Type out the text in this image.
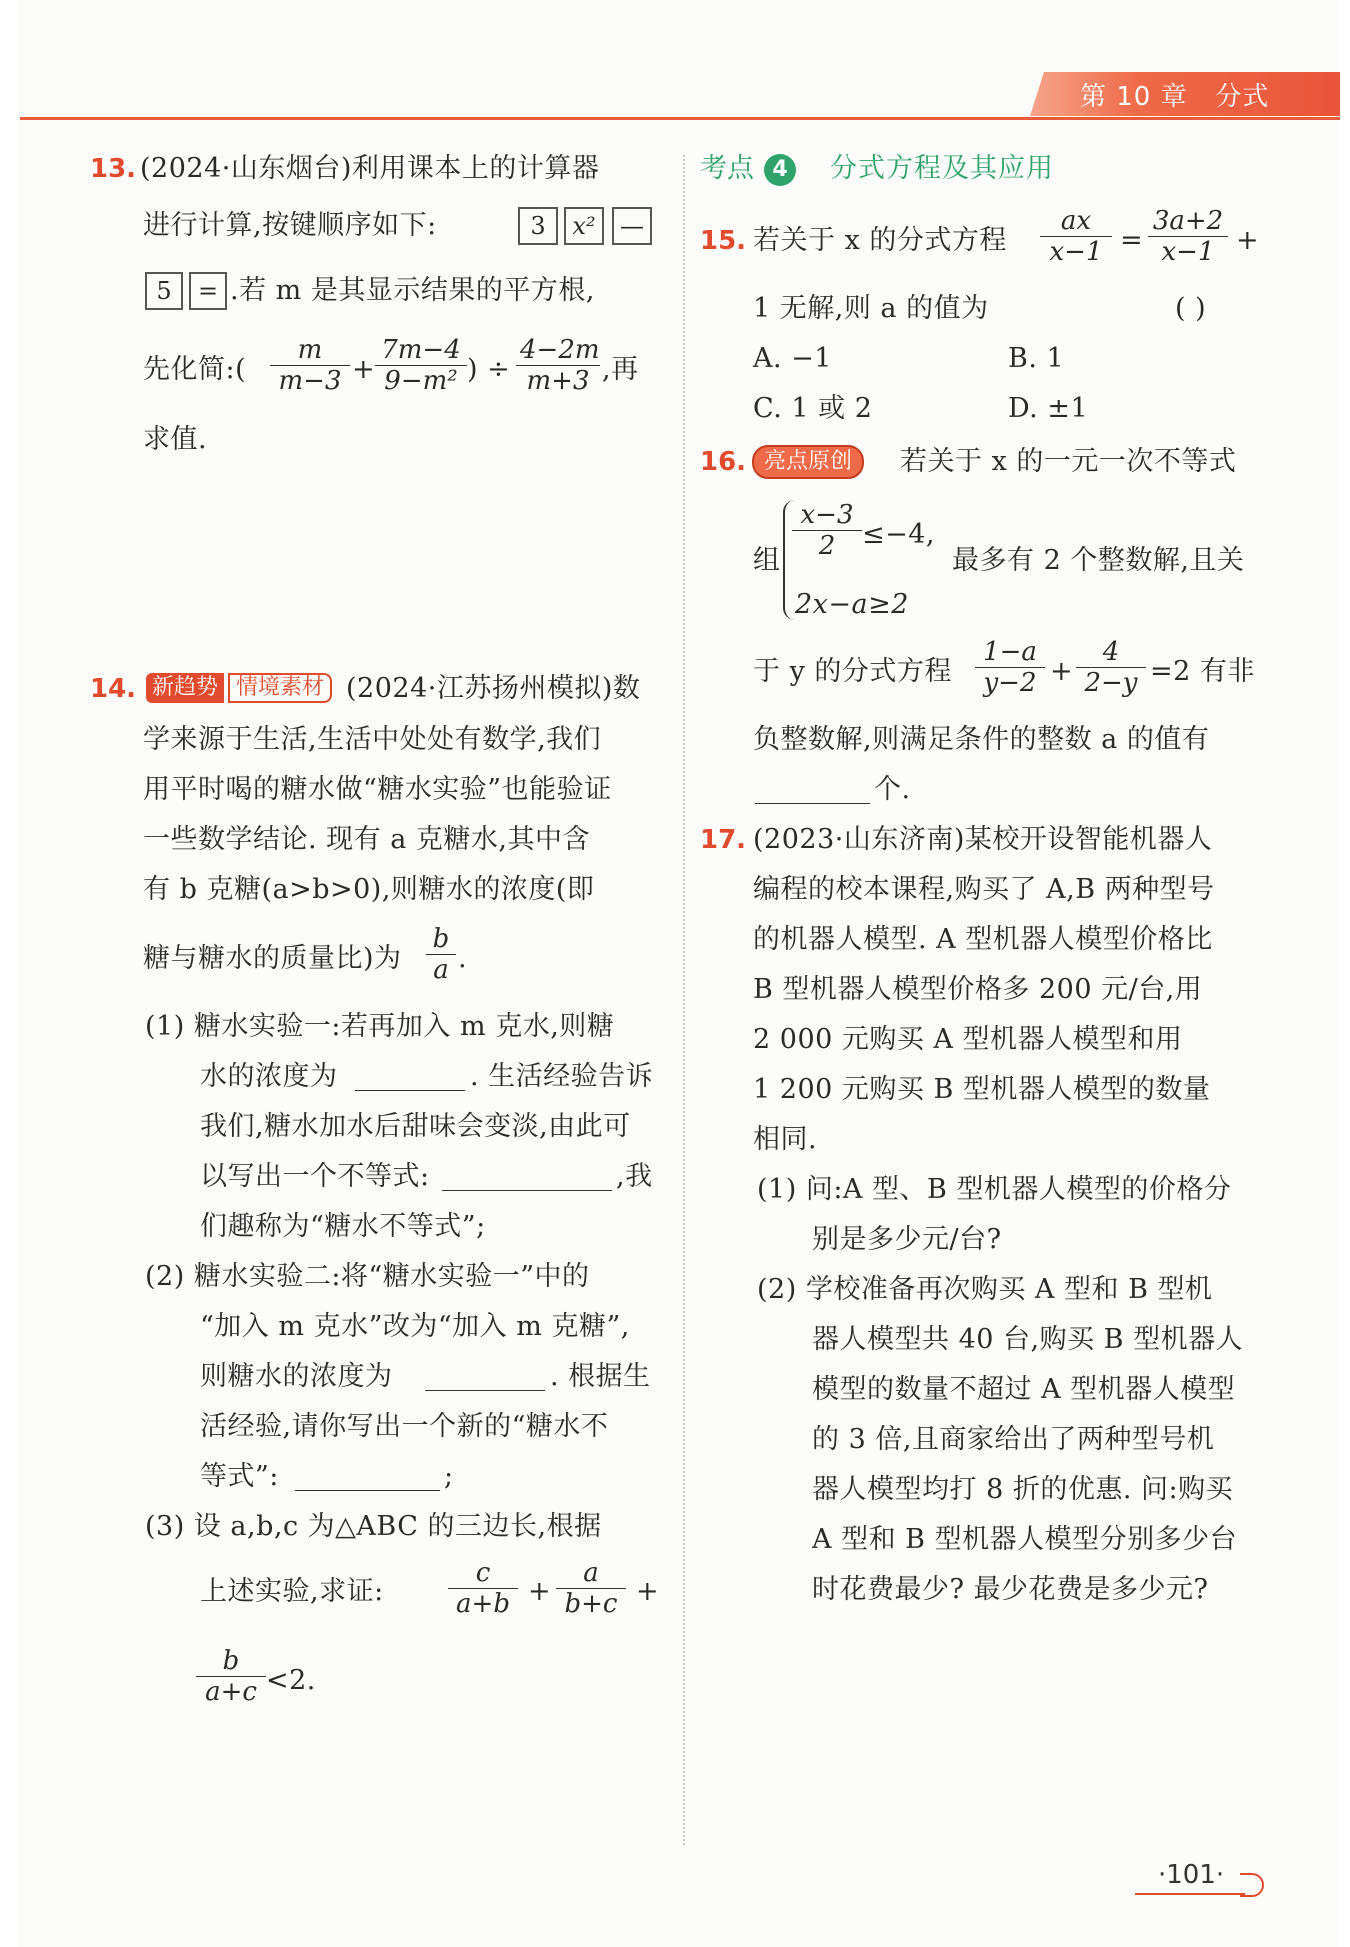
第 10 章   分式
13. (2024·山东烟台)利用课本上的计算器
进行计算,按键顺序如下:	3	x²	—
5	= .若 m 是其显示结果的平方根,
先化简:( $\frac{m}{m-3} + \frac{7m-4}{\text{9−m²}}$ ) ÷ $\frac{4-2m}{m+3}$ ,再
求值.
14. 新趋势 情境素材 (2024·江苏扬州模拟)数
学来源于生活,生活中处处有数学,我们
用平时喝的糖水做“糖水实验”也能验证
一些数学结论. 现有 a 克糖水,其中含
有 b 克糖(a>b>0),则糖水的浓度(即
糖与糖水的质量比)为 $\frac{b}{a}$ .
(1) 糖水实验一:若再加入 m 克水,则糖
水的浓度为	. 生活经验告诉
我们,糖水加水后甜味会变淡,由此可
以写出一个不等式:	,我
们趣称为“糖水不等式”;
(2) 糖水实验二:将“糖水实验一”中的
“加入 m 克水”改为“加入 m 克糖”,
则糖水的浓度为	. 根据生
活经验,请你写出一个新的“糖水不
等式”:	;
(3) 设 a,b,c 为△ABC 的三边长,根据
上述实验,求证: $\frac{c}{a+b} + \frac{a}{b+c}$ +
$\frac{b}{a+c} <2$.
考点 4	分式方程及其应用
15. 若关于 x 的分式方程 $\frac{ax}{x-1} = \frac{3a+2}{x-1}$ +
1 无解,则 a 的值为	( )
A. −1	B. 1
C. 1 或 2	D. ±1
16. 亮点原创	若关于 x 的一元一次不等式
组 $\frac{x-3}{2} \le-4$,
2x−a≥2
最多有 2 个整数解,且关
于 y 的分式方程 $\frac{1-a}{y-2} + \frac{4}{2-y} =2$ 有非
负整数解,则满足条件的整数 a 的值有
个.
17. (2023·山东济南)某校开设智能机器人
编程的校本课程,购买了 A,B 两种型号
的机器人模型. A 型机器人模型价格比
B 型机器人模型价格多 200 元/台,用
2 000 元购买 A 型机器人模型和用
1 200 元购买 B 型机器人模型的数量
相同.
(1) 问:A 型、B 型机器人模型的价格分
别是多少元/台?
(2) 学校准备再次购买 A 型和 B 型机
器人模型共 40 台,购买 B 型机器人
模型的数量不超过 A 型机器人模型
的 3 倍,且商家给出了两种型号机
器人模型均打 8 折的优惠. 问:购买
A 型和 B 型机器人模型分别多少台
时花费最少? 最少花费是多少元?
·101·
